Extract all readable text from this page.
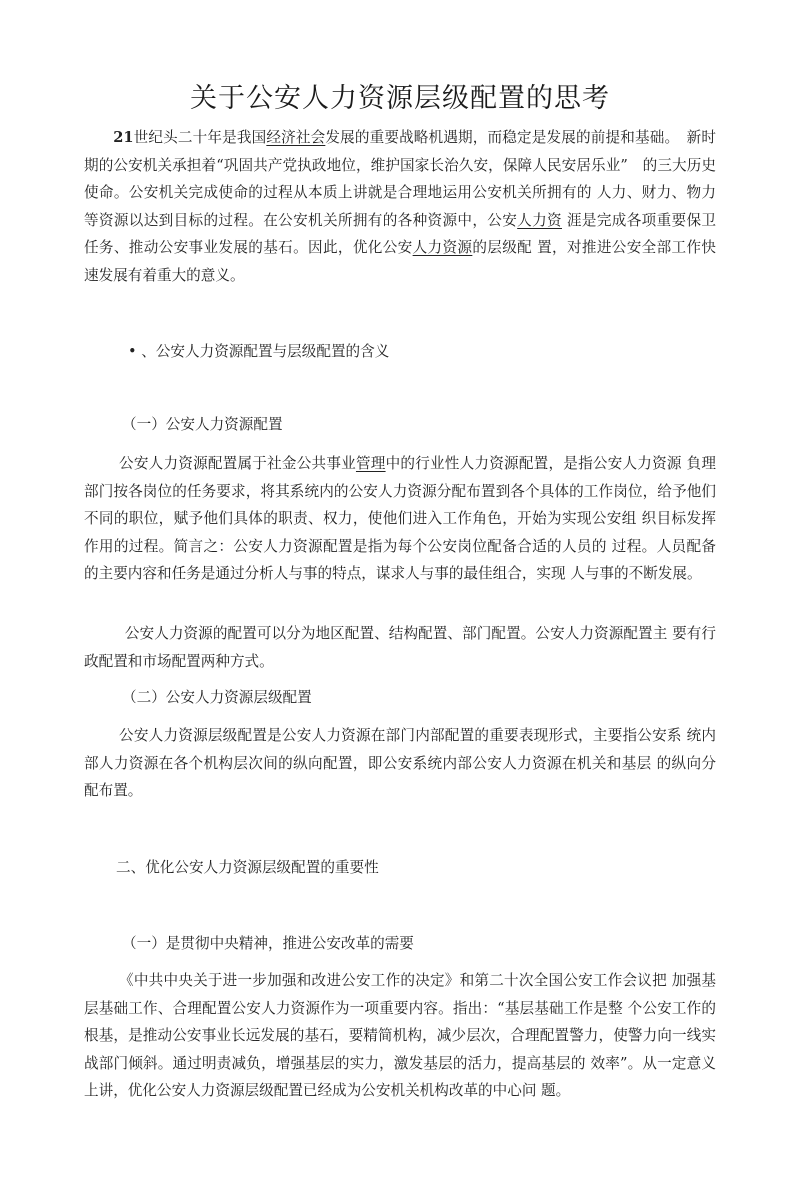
关于公安人力资源层级配置的思考
21世纪头二十年是我国经济社会发展的重要战略机遇期，而稳定是发展的前提和基础。　新时期的公安机关承担着“巩固共产党执政地位，维护国家长治久安，保障人民安居乐业”　的三大历史使命。公安机关完成使命的过程从本质上讲就是合理地运用公安机关所拥有的 人力、财力、物力等资源以达到目标的过程。在公安机关所拥有的各种资源中，公安人力资 涯是完成各项重要保卫任务、推动公安事业发展的基石。因此，优化公安人力资源的层级配 置，对推进公安全部工作快速发展有着重大的意义。
• 、公安人力资源配置与层级配置的含义
（一）公安人力资源配置
公安人力资源配置属于社金公共事业管理中的行业性人力资源配置，是指公安人力资源 負理部门按各岗位的任务要求，将其系统内的公安人力资源分配布置到各个具体的工作岗位，给予他们不同的职位，赋予他们具体的职责、权力，使他们进入工作角色，开始为实现公安组 织目标发挥作用的过程。简言之：公安人力资源配置是指为每个公安岗位配备合适的人员的 过程。人员配备的主要内容和任务是通过分析人与事的特点，谋求人与事的最佳组合，实现 人与事的不断发展。
公安人力资源的配置可以分为地区配置、结构配置、部门配置。公安人力资源配置主 要有行政配置和市场配置两种方式。
（二）公安人力资源层级配置
公安人力资源层级配置是公安人力资源在部门内部配置的重要表现形式，主要指公安系 统内部人力资源在各个机构层次间的纵向配置，即公安系统内部公安人力资源在机关和基层 的纵向分配布置。
二、优化公安人力资源层级配置的重要性
（一）是贯彻中央精神，推进公安改革的需要
《中共中央关于进一步加强和改进公安工作的决定》和第二十次全国公安工作会议把 加强基层基础工作、合理配置公安人力资源作为一项重要内容。指出：“基层基础工作是整 个公安工作的根基，是推动公安事业长远发展的基石，要精简机构，减少层次，合理配置警力，使警力向一线实战部门倾斜。通过明责减负，增强基层的实力，激发基层的活力，提高基层的 效率”。从一定意义上讲，优化公安人力资源层级配置已经成为公安机关机构改革的中心问 题。
